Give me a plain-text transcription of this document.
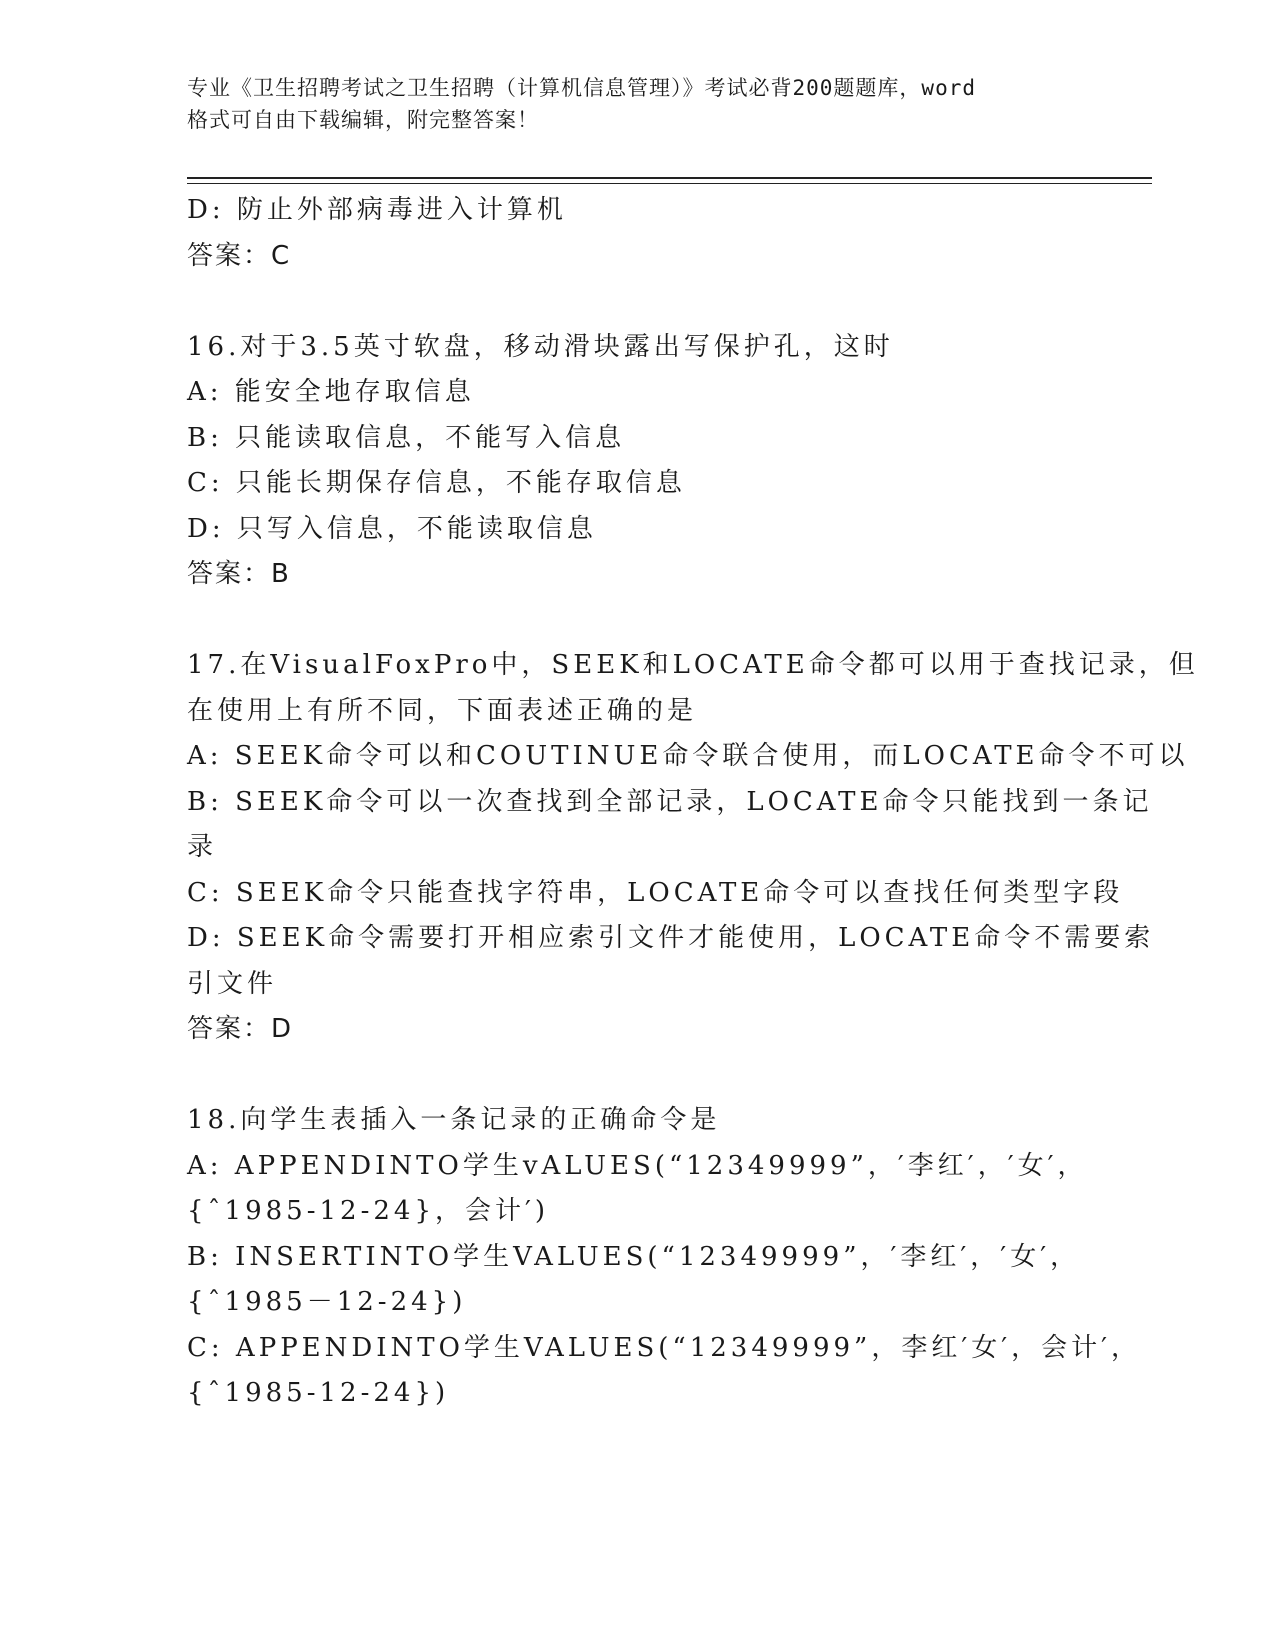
专业《卫生招聘考试之卫生招聘（计算机信息管理）》考试必背200题题库，word
格式可自由下载编辑，附完整答案！
D: 防止外部病毒进入计算机
答案：C
16.对于3.5英寸软盘，移动滑块露出写保护孔，这时
A: 能安全地存取信息
B: 只能读取信息，不能写入信息
C: 只能长期保存信息，不能存取信息
D: 只写入信息，不能读取信息
答案：B
17.在VisualFoxPro中，SEEK和LOCATE命令都可以用于查找记录，但
在使用上有所不同，下面表述正确的是
A: SEEK命令可以和COUTINUE命令联合使用，而LOCATE命令不可以
B: SEEK命令可以一次查找到全部记录，LOCATE命令只能找到一条记
录
C: SEEK命令只能查找字符串，LOCATE命令可以查找任何类型字段
D: SEEK命令需要打开相应索引文件才能使用，LOCATE命令不需要索
引文件
答案：D
18.向学生表插入一条记录的正确命令是
A: APPENDINTO学生vALUES(“12349999”，′李红′，′女′，
{ˆ1985-12-24}，会计′)
B: INSERTINTO学生VALUES(“12349999”，′李红′，′女′，
{ˆ1985－12-24})
C: APPENDINTO学生VALUES(“12349999”，李红′女′，会计′，
{ˆ1985-12-24})
